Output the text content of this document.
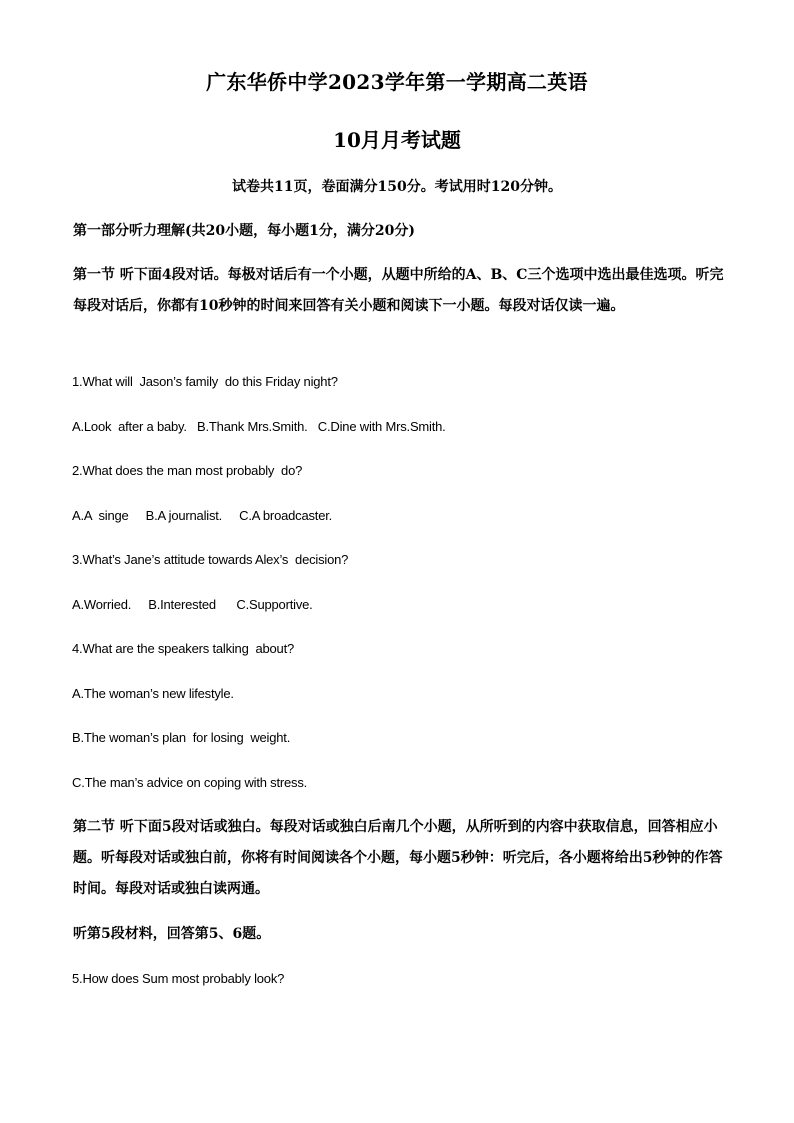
广东华侨中学2023学年第一学期高二英语
10月月考试题
试卷共11页，卷面满分150分。考试用时120分钟。
第一部分听力理解(共20小题，每小题1分，满分20分)
第一节 听下面4段对话。每极对话后有一个小题，从题中所给的A、B、C三个选项中选出最佳选项。听完每段对话后，你都有10秒钟的时间来回答有关小题和阅读下一小题。每段对话仅读一遍。
1.What will  Jason’s family  do this Friday night?
A.Look  after a baby.   B.Thank Mrs.Smith.   C.Dine with Mrs.Smith.
2.What does the man most probably  do?
A.A  singe     B.A journalist.     C.A broadcaster.
3.What’s Jane’s attitude towards Alex’s  decision?
A.Worried.     B.Interested      C.Supportive.
4.What are the speakers talking  about?
A.The woman’s new lifestyle.
B.The woman’s plan  for losing  weight.
C.The man’s advice on coping with stress.
第二节 听下面5段对话或独白。每段对话或独白后南几个小题，从所听到的内容中获取信息，回答相应小题。听每段对话或独白前，你将有时间阅读各个小题，每小题5秒钟：听完后，各小题将给出5秒钟的作答时间。每段对话或独白读两通。
听第5段材料，回答第5、6题。
5.How does Sum most probably look?
